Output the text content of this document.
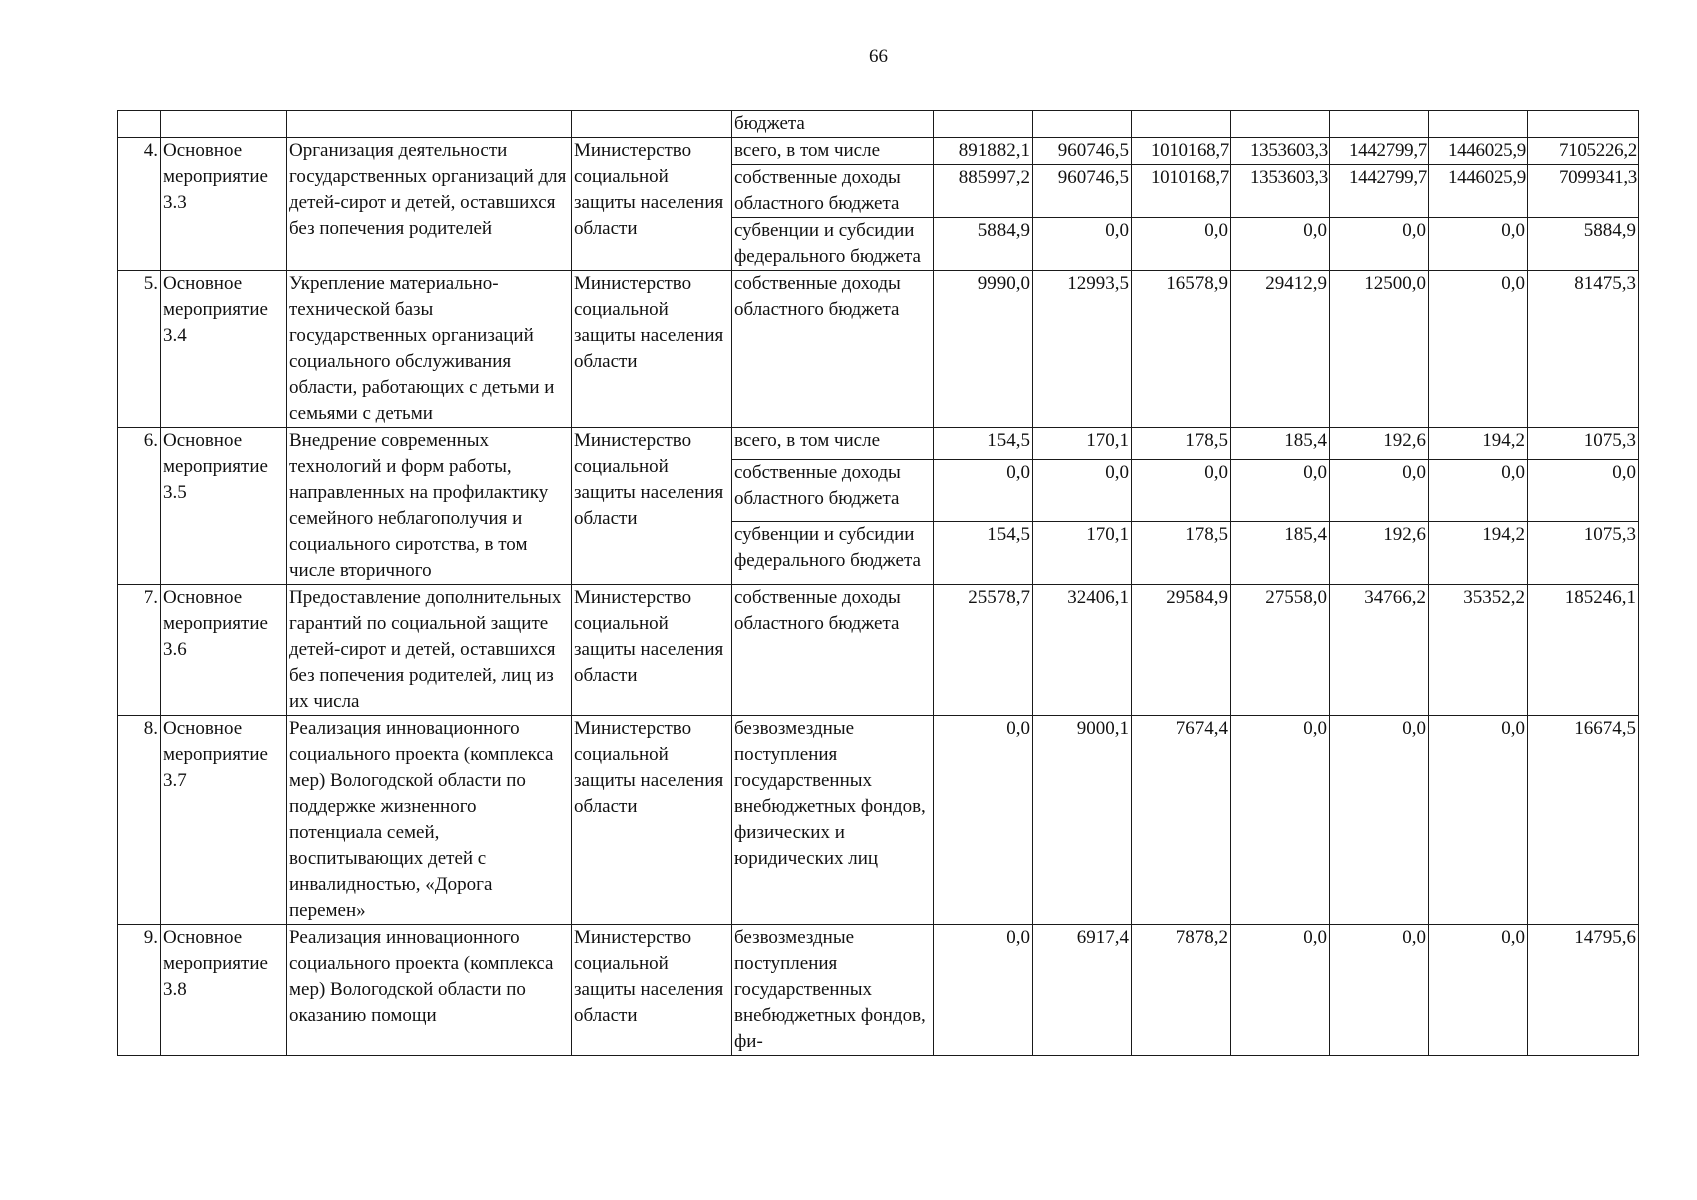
66
				бюджета							
4.	Основное мероприятие 3.3	Организация деятельности государственных организаций для детей-сирот и детей, оставшихся без попечения родителей	Министерство социальной защиты населения области	всего, в том числе	891882,1	960746,5	1010168,7	1353603,3	1442799,7	1446025,9	7105226,2
				собственные доходы областного бюджета	885997,2	960746,5	1010168,7	1353603,3	1442799,7	1446025,9	7099341,3
				субвенции и субсидии федерального бюджета	5884,9	0,0	0,0	0,0	0,0	0,0	5884,9
5.	Основное мероприятие 3.4	Укрепление материально-технической базы государственных организаций социального обслуживания области, работающих с детьми и семьями с детьми	Министерство социальной защиты населения области	собственные доходы областного бюджета	9990,0	12993,5	16578,9	29412,9	12500,0	0,0	81475,3
6.	Основное мероприятие 3.5	Внедрение современных технологий и форм работы, направленных на профилактику семейного неблагополучия и социального сиротства, в том числе вторичного	Министерство социальной защиты населения области	всего, в том числе	154,5	170,1	178,5	185,4	192,6	194,2	1075,3
				собственные доходы областного бюджета	0,0	0,0	0,0	0,0	0,0	0,0	0,0
				субвенции и субсидии федерального бюджета	154,5	170,1	178,5	185,4	192,6	194,2	1075,3
7.	Основное мероприятие 3.6	Предоставление дополнительных гарантий по социальной защите детей-сирот и детей, оставшихся без попечения родителей, лиц из их числа	Министерство социальной защиты населения области	собственные доходы областного бюджета	25578,7	32406,1	29584,9	27558,0	34766,2	35352,2	185246,1
8.	Основное мероприятие 3.7	Реализация инновационного социального проекта (комплекса мер) Вологодской области по поддержке жизненного потенциала семей, воспитывающих детей с инвалидностью, «Дорога перемен»	Министерство социальной защиты населения области	безвозмездные поступления государственных внебюджетных фондов, физических и юридических лиц	0,0	9000,1	7674,4	0,0	0,0	0,0	16674,5
9.	Основное мероприятие 3.8	Реализация инновационного социального проекта (комплекса мер) Вологодской области по оказанию помощи	Министерство социальной защиты населения области	безвозмездные поступления государственных внебюджетных фондов, фи-	0,0	6917,4	7878,2	0,0	0,0	0,0	14795,6
